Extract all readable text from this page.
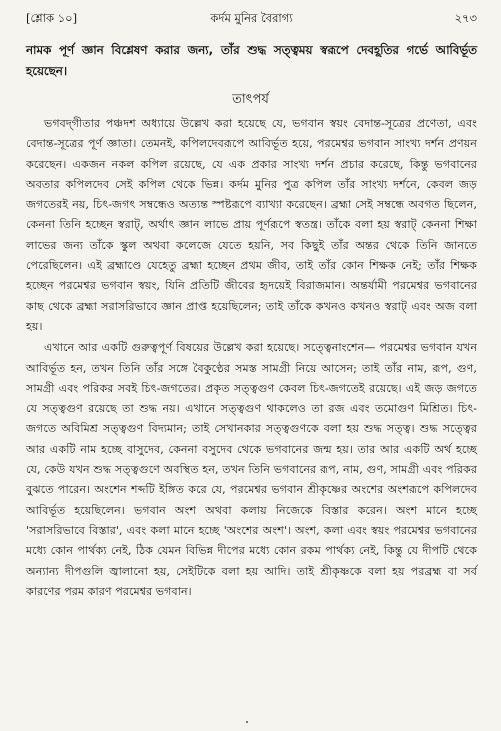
[শ্লোক ১০]	কর্দম মুনির বৈরাগ্য	২৭৩
নামক পূর্ণ জ্ঞান বিশ্লেষণ করার জন্য, তাঁর শুদ্ধ সত্ত্বময় স্বরূপে দেবহূতির গর্ভে আবির্ভূত হয়েছেন।
তাৎপর্য

ভগবদ্‌গীতার পঞ্চদশ অধ্যায়ে উল্লেখ করা হয়েছে যে, ভগবান স্বয়ং বেদান্ত-সূত্রের প্রণেতা, এবং বেদান্ত-সূত্রের পূর্ণ জ্ঞাতা। তেমনই, কপিলদেবরূপে আবির্ভূত হয়ে, পরমেশ্বর ভগবান সাংখ্য দর্শন প্রণয়ন করেছেন। একজন নকল কপিল রয়েছে, যে এক প্রকার সাংখ্য দর্শন প্রচার করেছে, কিন্তু ভগবানের অবতার কপিলদেব সেই কপিল থেকে ভিন্ন। কর্দম মুনির পুত্র কপিল তাঁর সাংখ্য দর্শনে, কেবল জড় জগতেরই নয়, চিৎ-জগৎ সম্বন্ধেও অত্যন্ত স্পষ্টরূপে ব্যাখ্যা করেছেন। ব্রহ্মা সেই সম্বন্ধে অবগত ছিলেন, কেননা তিনি হচ্ছেন স্বরাট্‌, অর্থাৎ জ্ঞান লাভে প্রায় পূর্ণরূপে স্বতন্ত্র। তাঁকে বলা হয় স্বরাট্‌ কেননা শিক্ষা লাভের জন্য তাঁকে স্কুল অথবা কলেজে যেতে হয়নি, সব কিছুই তাঁর অন্তর থেকে তিনি জানতে পেরেছিলেন। এই ব্রহ্মাণ্ডে যেহেতু ব্রহ্মা হচ্ছেন প্রথম জীব, তাই তাঁর কোন শিক্ষক নেই; তাঁর শিক্ষক হচ্ছেন পরমেশ্বর ভগবান স্বয়ং, যিনি প্রতিটি জীবের হৃদয়েই বিরাজমান। অন্তর্যামী পরমেশ্বর ভগবানের কাছ থেকে ব্রহ্মা সরাসরিভাবে জ্ঞান প্রাপ্ত হয়েছিলেন; তাই তাঁকে কখনও কখনও স্বরাট্‌ এবং অজ বলা হয়।

এখানে আর একটি গুরুত্বপূর্ণ বিষয়ের উল্লেখ করা হয়েছে। সত্ত্বেনাংশেন— পরমেশ্বর ভগবান যখন আবির্ভূত হন, তখন তিনি তাঁর সঙ্গে বৈকুণ্ঠের সমস্ত সামগ্রী নিয়ে আসেন; তাই তাঁর নাম, রূপ, গুণ, সামগ্রী এবং পরিকর সবই চিৎ-জগতের। প্রকৃত সত্ত্বগুণ কেবল চিৎ-জগতেই রয়েছে। এই জড় জগতে যে সত্ত্বগুণ রয়েছে তা শুদ্ধ নয়। এখানে সত্ত্বগুণ থাকলেও তা রজ এবং তমোগুণ মিশ্রিত। চিৎ-জগতে অবিমিশ্র সত্ত্বগুণ বিদ্যমান; তাই সেখানকার সত্ত্বগুণকে বলা হয় শুদ্ধ সত্ত্ব। শুদ্ধ সত্ত্বের আর একটি নাম হচ্ছে বাসুদেব, কেননা বসুদেব থেকে ভগবানের জন্ম হয়। তার আর একটি অর্থ হচ্ছে যে, কেউ যখন শুদ্ধ সত্ত্বগুণে অবস্থিত হন, তখন তিনি ভগবানের রূপ, নাম, গুণ, সামগ্রী এবং পরিকর বুঝতে পারেন। অংশেন শব্দটি ইঙ্গিত করে যে, পরমেশ্বর ভগবান শ্রীকৃষ্ণের অংশের অংশরূপে কপিলদেব আবির্ভূত হয়েছিলেন। ভগবান অংশ অথবা কলায় নিজেকে বিস্তার করেন। অংশ মানে হচ্ছে 'সরাসরিভাবে বিস্তার', এবং কলা মানে হচ্ছে 'অংশের অংশ'। অংশ, কলা এবং স্বয়ং পরমেশ্বর ভগবানের মধ্যে কোন পার্থক্য নেই, ঠিক যেমন বিভিন্ন দীপের মধ্যে কোন রকম পার্থক্য নেই, কিন্তু যে দীপটি থেকে অন্যান্য দীপগুলি জ্বালানো হয়, সেইটিকে বলা হয় আদি। তাই শ্রীকৃষ্ণকে বলা হয় পরব্রহ্ম বা সর্ব কারণের পরম কারণ পরমেশ্বর ভগবান।
